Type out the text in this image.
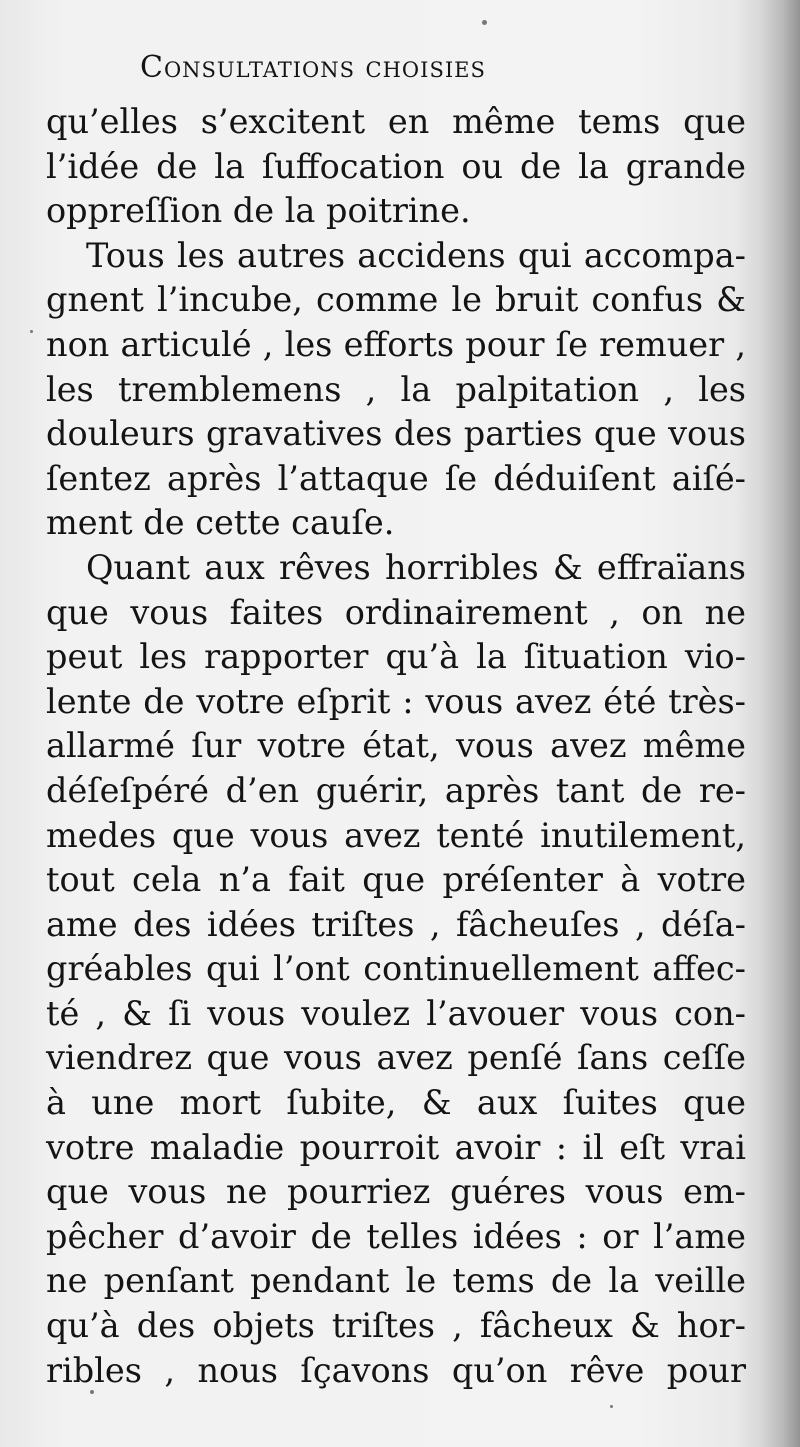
Consultations choisies
qu’elles s’excitent en même tems que
l’idée de la ſuffocation ou de la grande
oppreſſion de la poitrine.
Tous les autres accidens qui accompa-
gnent l’incube, comme le bruit confus &
non articulé , les efforts pour ſe remuer ,
les tremblemens , la palpitation , les
douleurs gravatives des parties que vous
ſentez après l’attaque ſe déduiſent aiſé-
ment de cette cauſe.
Quant aux rêves horribles & effraïans
que vous faites ordinairement , on ne
peut les rapporter qu’à la ſituation vio-
lente de votre eſprit : vous avez été très-
allarmé ſur votre état, vous avez même
déſeſpéré d’en guérir, après tant de re-
medes que vous avez tenté inutilement,
tout cela n’a fait que préſenter à votre
ame des idées triſtes , fâcheuſes , déſa-
gréables qui l’ont continuellement affec-
té , & ſi vous voulez l’avouer vous con-
viendrez que vous avez penſé ſans ceſſe
à une mort ſubite, & aux ſuites que
votre maladie pourroit avoir : il eſt vrai
que vous ne pourriez guéres vous em-
pêcher d’avoir de telles idées : or l’ame
ne penſant pendant le tems de la veille
qu’à des objets triſtes , fâcheux & hor-
ribles , nous ſçavons qu’on rêve pour
